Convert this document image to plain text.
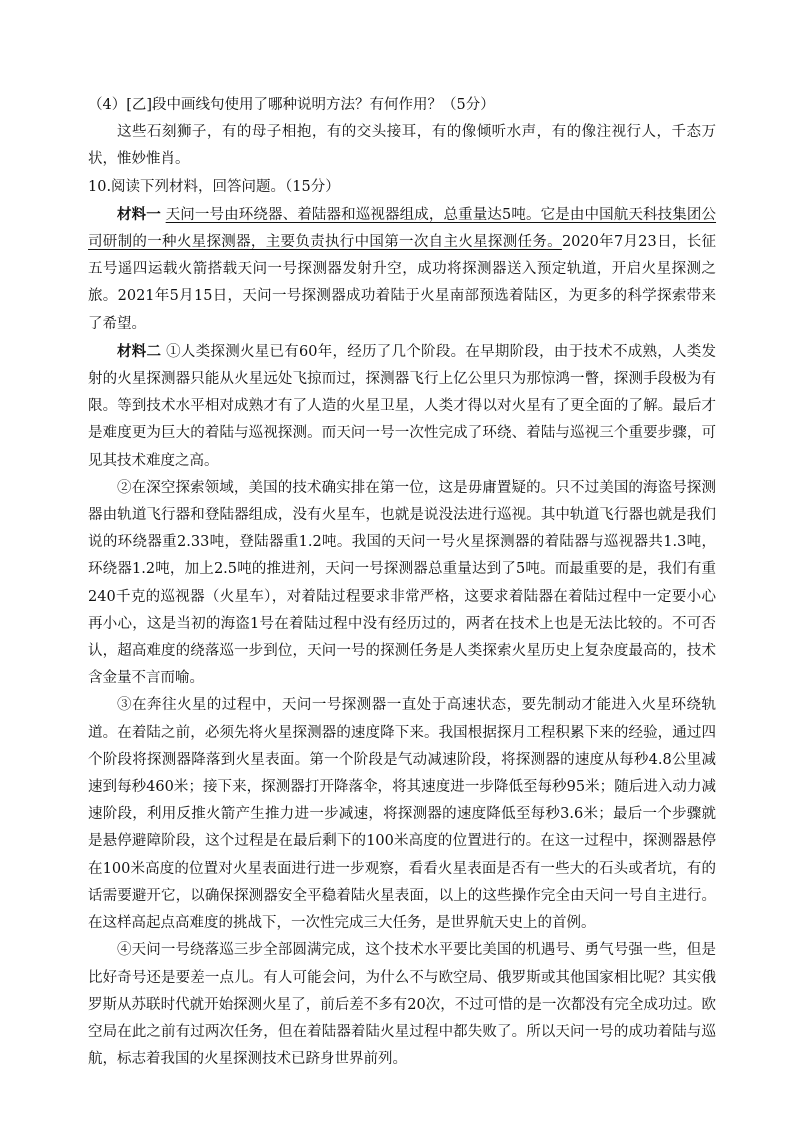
（4）[乙]段中画线句使用了哪种说明方法？有何作用？（5分）

这些石刻狮子，有的母子相抱，有的交头接耳，有的像倾听水声，有的像注视行人，千态万状，惟妙惟肖。

10.阅读下列材料，回答问题。（15分）

材料一 天问一号由环绕器、着陆器和巡视器组成，总重量达5吨。它是由中国航天科技集团公司研制的一种火星探测器，主要负责执行中国第一次自主火星探测任务。2020年7月23日，长征五号遥四运载火箭搭载天问一号探测器发射升空，成功将探测器送入预定轨道，开启火星探测之旅。2021年5月15日，天问一号探测器成功着陆于火星南部预选着陆区，为更多的科学探索带来了希望。

材料二 ①人类探测火星已有60年，经历了几个阶段。在早期阶段，由于技术不成熟，人类发射的火星探测器只能从火星远处飞掠而过，探测器飞行上亿公里只为那惊鸿一瞥，探测手段极为有限。等到技术水平相对成熟才有了人造的火星卫星，人类才得以对火星有了更全面的了解。最后才是难度更为巨大的着陆与巡视探测。而天问一号一次性完成了环绕、着陆与巡视三个重要步骤，可见其技术难度之高。

②在深空探索领域，美国的技术确实排在第一位，这是毋庸置疑的。只不过美国的海盗号探测器由轨道飞行器和登陆器组成，没有火星车，也就是说没法进行巡视。其中轨道飞行器也就是我们说的环绕器重2.33吨，登陆器重1.2吨。我国的天问一号火星探测器的着陆器与巡视器共1.3吨，环绕器1.2吨，加上2.5吨的推进剂，天问一号探测器总重量达到了5吨。而最重要的是，我们有重240千克的巡视器（火星车），对着陆过程要求非常严格，这要求着陆器在着陆过程中一定要小心再小心，这是当初的海盗1号在着陆过程中没有经历过的，两者在技术上也是无法比较的。不可否认，超高难度的绕落巡一步到位，天问一号的探测任务是人类探索火星历史上复杂度最高的，技术含金量不言而喻。

③在奔往火星的过程中，天问一号探测器一直处于高速状态，要先制动才能进入火星环绕轨道。在着陆之前，必须先将火星探测器的速度降下来。我国根据探月工程积累下来的经验，通过四个阶段将探测器降落到火星表面。第一个阶段是气动减速阶段，将探测器的速度从每秒4.8公里减速到每秒460米；接下来，探测器打开降落伞，将其速度进一步降低至每秒95米；随后进入动力减速阶段，利用反推火箭产生推力进一步减速，将探测器的速度降低至每秒3.6米；最后一个步骤就是悬停避障阶段，这个过程是在最后剩下的100米高度的位置进行的。在这一过程中，探测器悬停在100米高度的位置对火星表面进行进一步观察，看看火星表面是否有一些大的石头或者坑，有的话需要避开它，以确保探测器安全平稳着陆火星表面，以上的这些操作完全由天问一号自主进行。在这样高起点高难度的挑战下，一次性完成三大任务，是世界航天史上的首例。

④天问一号绕落巡三步全部圆满完成，这个技术水平要比美国的机遇号、勇气号强一些，但是比好奇号还是要差一点儿。有人可能会问，为什么不与欧空局、俄罗斯或其他国家相比呢？其实俄罗斯从苏联时代就开始探测火星了，前后差不多有20次，不过可惜的是一次都没有完全成功过。欧空局在此之前有过两次任务，但在着陆器着陆火星过程中都失败了。所以天问一号的成功着陆与巡航，标志着我国的火星探测技术已跻身世界前列。
